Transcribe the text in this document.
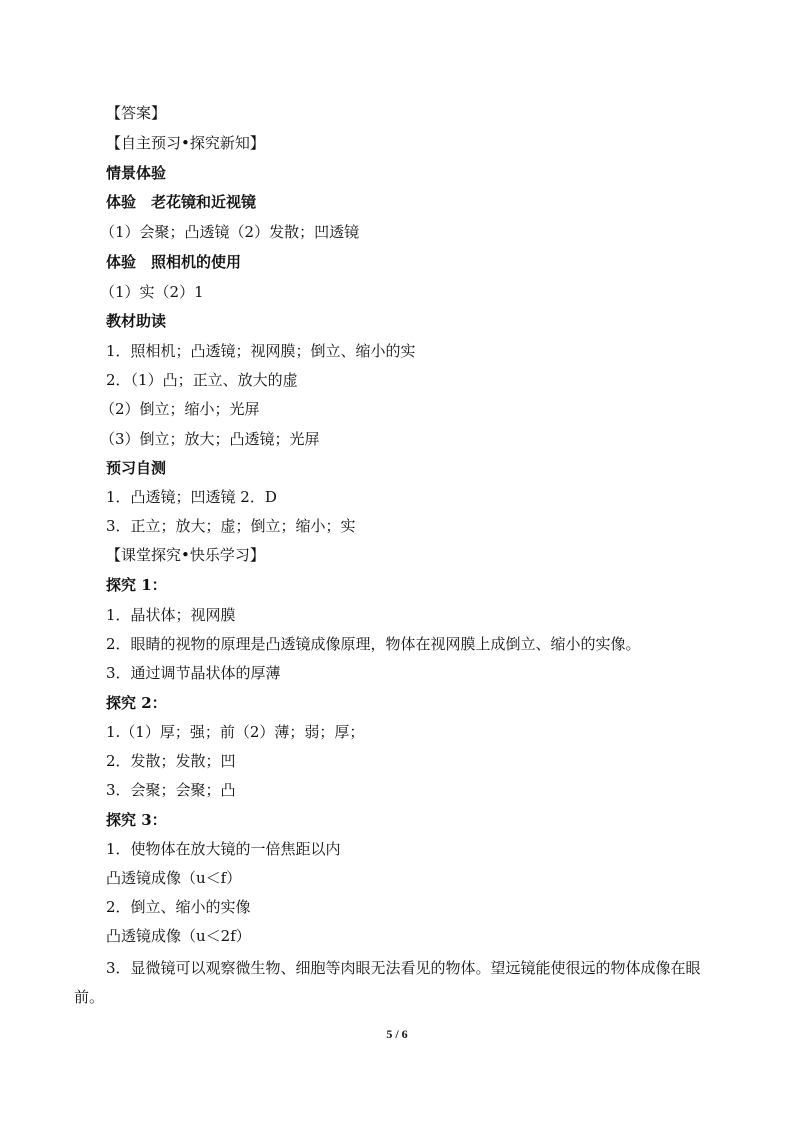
【答案】
【自主预习•探究新知】
情景体验
体验　老花镜和近视镜
（1）会聚；凸透镜（2）发散；凹透镜
体验　照相机的使用
（1）实（2）1
教材助读
1．照相机；凸透镜；视网膜；倒立、缩小的实
2．（1）凸；正立、放大的虚
（2）倒立；缩小；光屏
（3）倒立；放大；凸透镜；光屏
预习自测
1．凸透镜；凹透镜 2．D
3．正立；放大；虚；倒立；缩小；实
【课堂探究•快乐学习】
探究 1：
1．晶状体；视网膜
2．眼睛的视物的原理是凸透镜成像原理，物体在视网膜上成倒立、缩小的实像。
3．通过调节晶状体的厚薄
探究 2：
1.（1）厚；强；前（2）薄；弱；厚；
2．发散；发散；凹
3．会聚；会聚；凸
探究 3：
1．使物体在放大镜的一倍焦距以内
凸透镜成像（u＜f）
2．倒立、缩小的实像
凸透镜成像（u＜2f）
3．显微镜可以观察微生物、细胞等肉眼无法看见的物体。望远镜能使很远的物体成像在眼前。
5 / 6
